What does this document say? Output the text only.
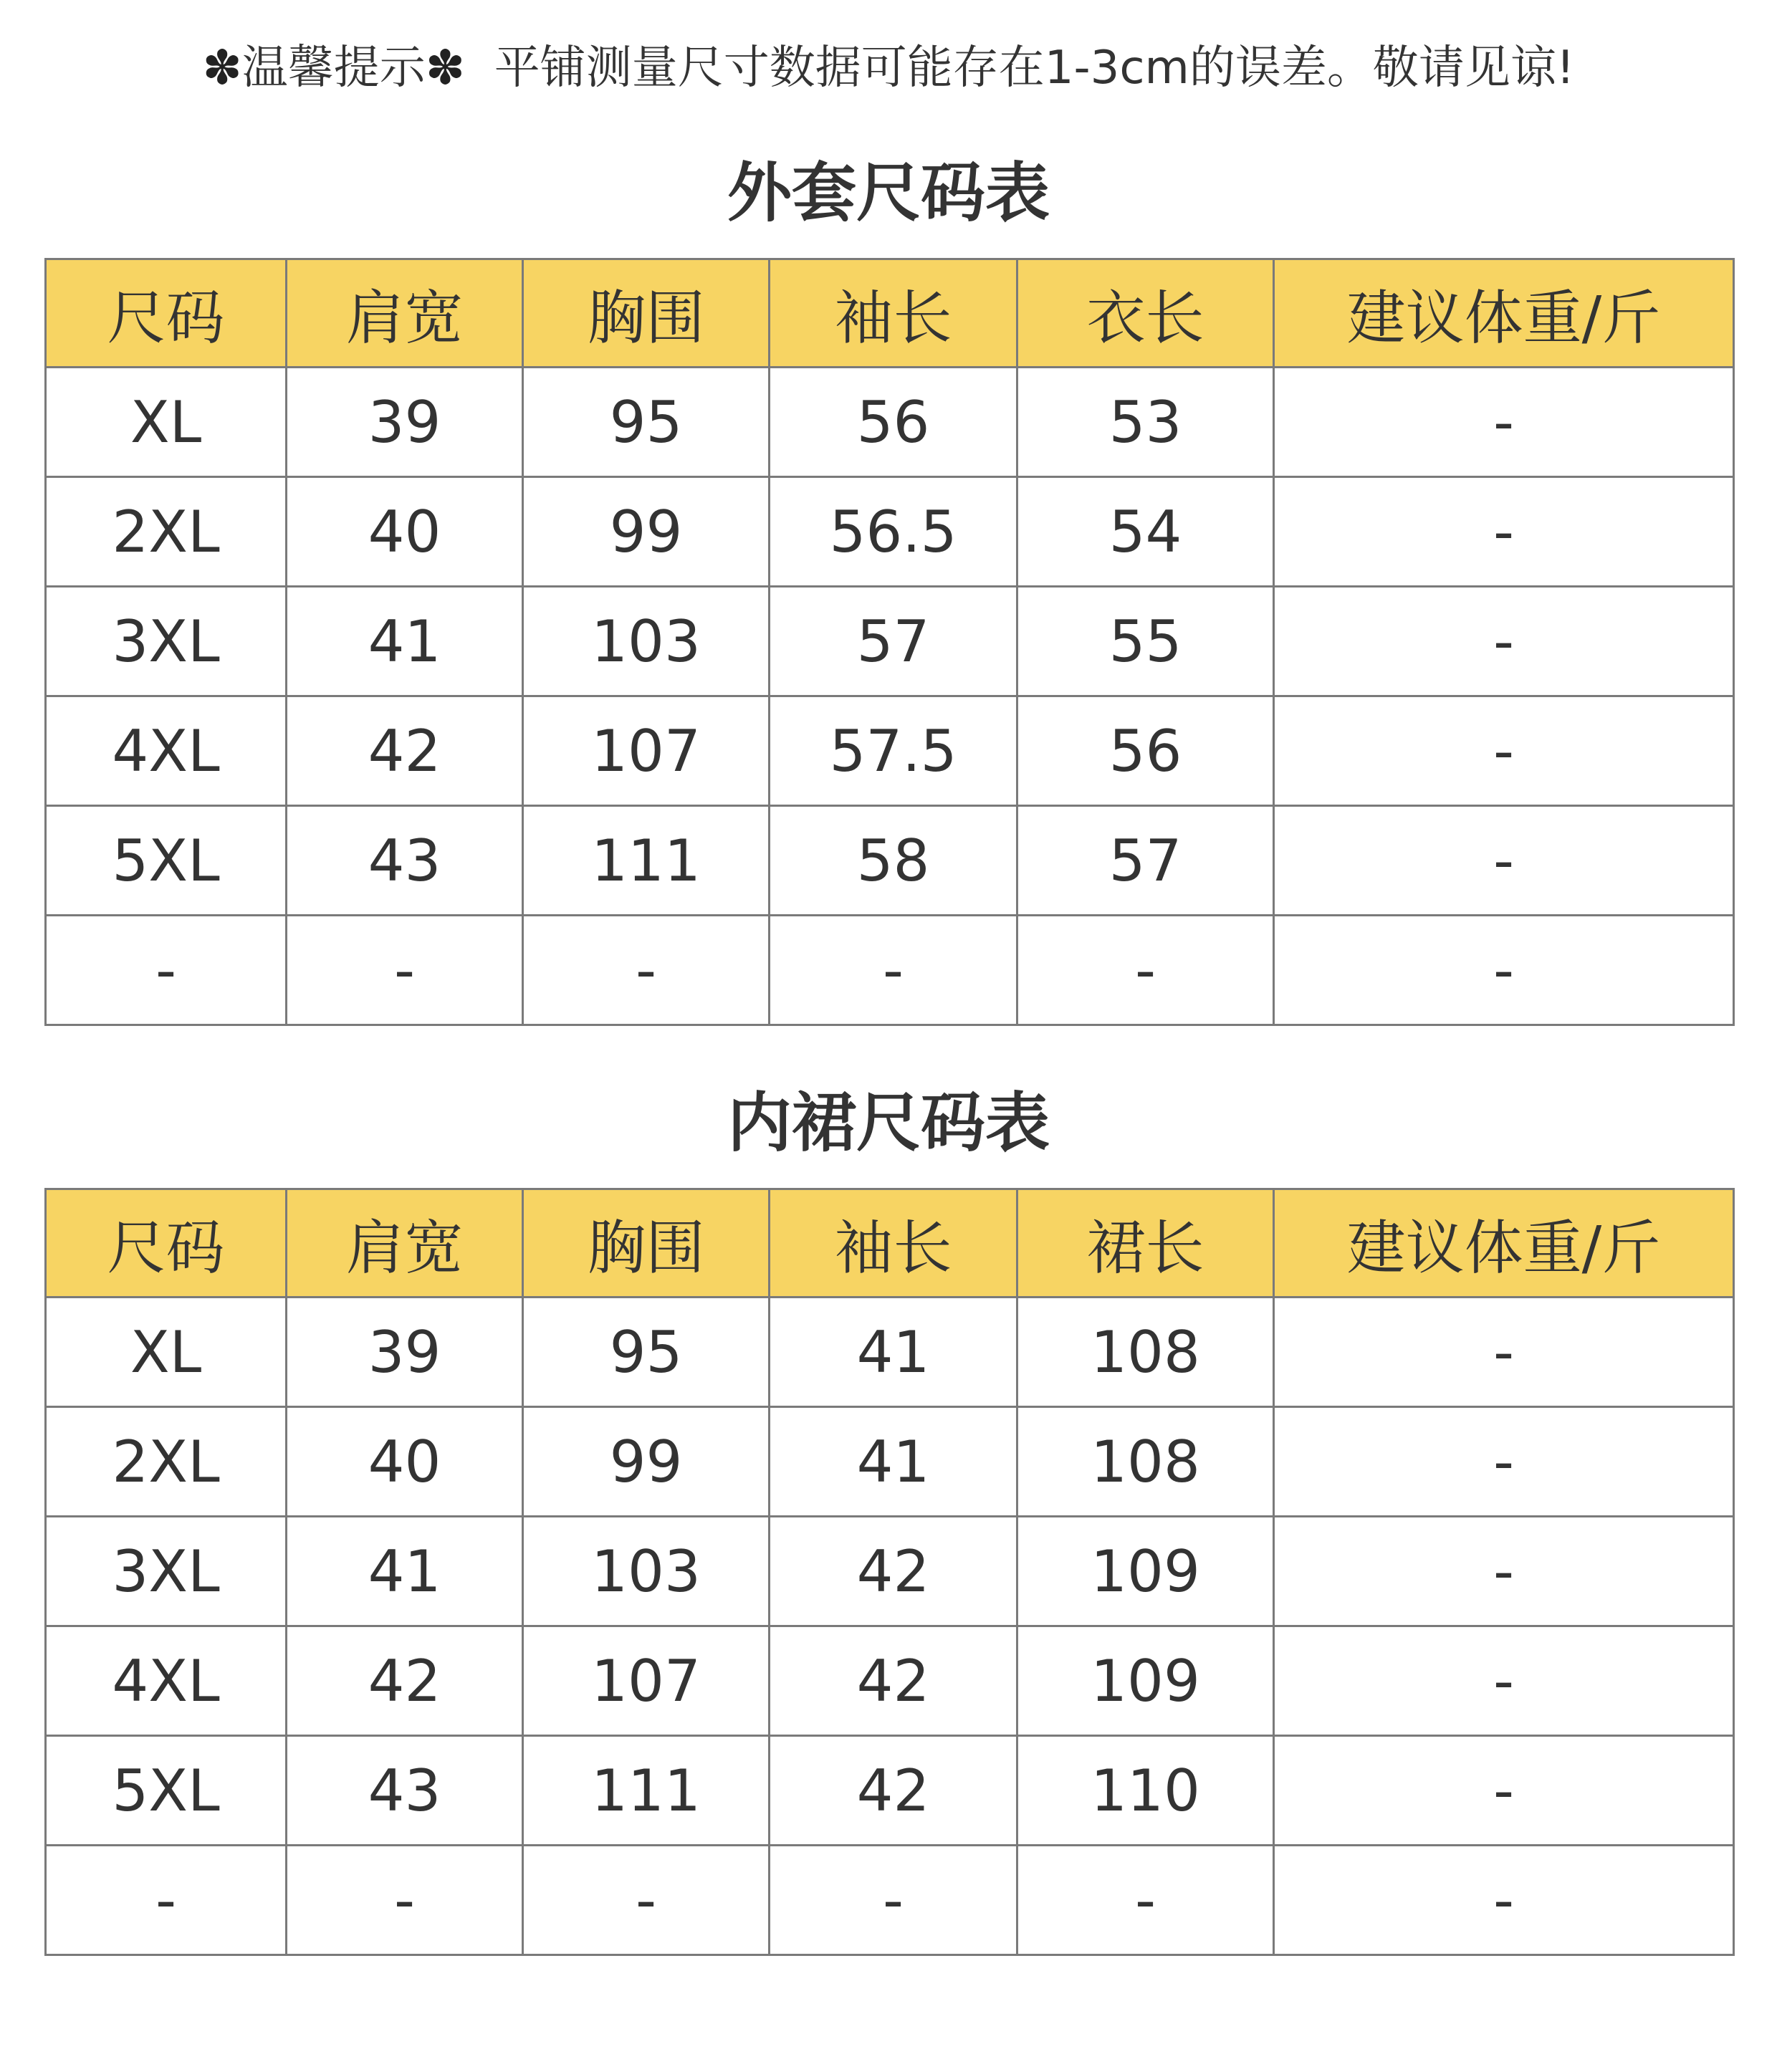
✽温馨提示✽ 平铺测量尺寸数据可能存在1-3cm的误差。敬请见谅!
外套尺码表
尺码	肩宽	胸围	袖长	衣长	建议体重/斤
XL	39	95	56	53	-
2XL	40	99	56.5	54	-
3XL	41	103	57	55	-
4XL	42	107	57.5	56	-
5XL	43	111	58	57	-
-	-	-	-	-	-
内裙尺码表
尺码	肩宽	胸围	袖长	裙长	建议体重/斤
XL	39	95	41	108	-
2XL	40	99	41	108	-
3XL	41	103	42	109	-
4XL	42	107	42	109	-
5XL	43	111	42	110	-
-	-	-	-	-	-
